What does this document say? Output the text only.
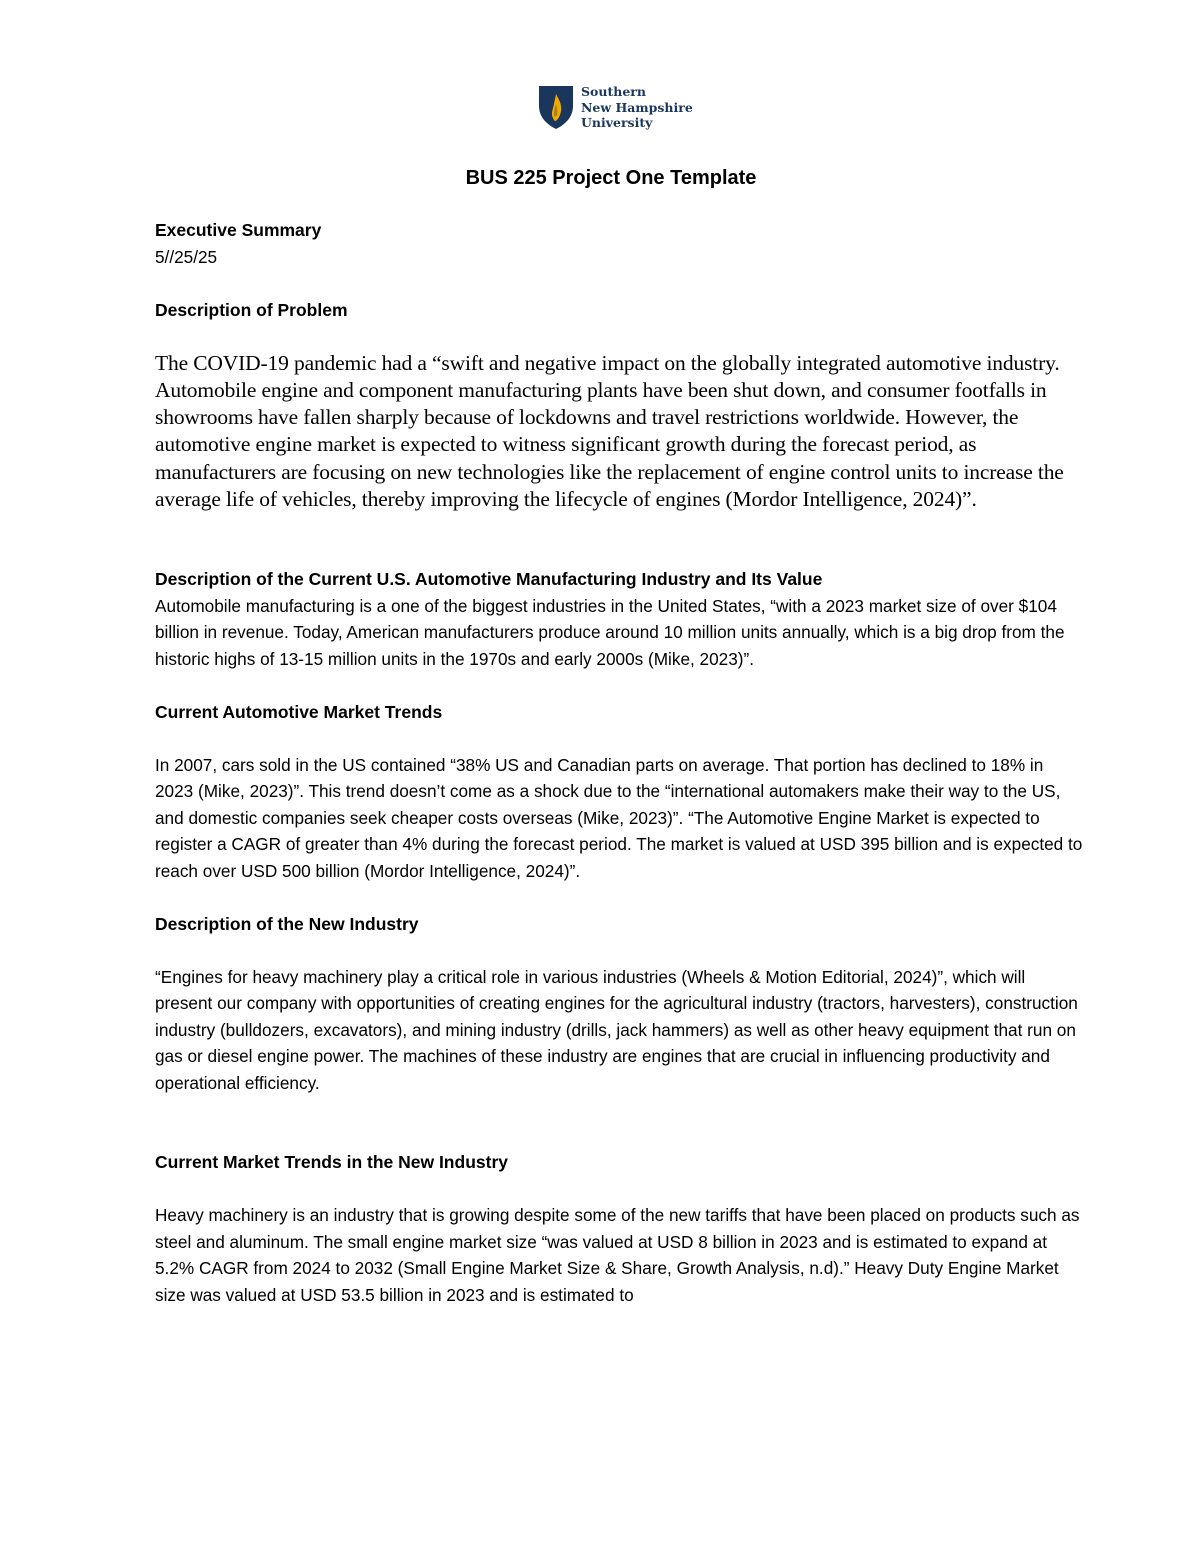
Southern
New Hampshire
University
BUS 225 Project One Template
Executive Summary

5//25/25

Description of Problem

The COVID-19 pandemic had a “swift and negative impact on the globally integrated automotive industry. Automobile engine and component manufacturing plants have been shut down, and consumer footfalls in showrooms have fallen sharply because of lockdowns and travel restrictions worldwide. However, the automotive engine market is expected to witness significant growth during the forecast period, as manufacturers are focusing on new technologies like the replacement of engine control units to increase the average life of vehicles, thereby improving the lifecycle of engines (Mordor Intelligence, 2024)”.

Description of the Current U.S. Automotive Manufacturing Industry and Its Value

Automobile manufacturing is a one of the biggest industries in the United States, “with a 2023 market size of over $104 billion in revenue. Today, American manufacturers produce around 10 million units annually, which is a big drop from the historic highs of 13-15 million units in the 1970s and early 2000s (Mike, 2023)”.

Current Automotive Market Trends

In 2007, cars sold in the US contained “38% US and Canadian parts on average. That portion has declined to 18% in 2023 (Mike, 2023)”. This trend doesn’t come as a shock due to the “international automakers make their way to the US, and domestic companies seek cheaper costs overseas (Mike, 2023)”. “The Automotive Engine Market is expected to register a CAGR of greater than 4% during the forecast period. The market is valued at USD 395 billion and is expected to reach over USD 500 billion (Mordor Intelligence, 2024)”.

Description of the New Industry

“Engines for heavy machinery play a critical role in various industries (Wheels & Motion Editorial, 2024)”, which will present our company with opportunities of creating engines for the agricultural industry (tractors, harvesters), construction industry (bulldozers, excavators), and mining industry (drills, jack hammers) as well as other heavy equipment that run on gas or diesel engine power. The machines of these industry are engines that are crucial in influencing productivity and operational efficiency.

Current Market Trends in the New Industry

Heavy machinery is an industry that is growing despite some of the new tariffs that have been placed on products such as steel and aluminum. The small engine market size “was valued at USD 8 billion in 2023 and is estimated to expand at 5.2% CAGR from 2024 to 2032 (Small Engine Market Size & Share, Growth Analysis, n.d).” Heavy Duty Engine Market size was valued at USD 53.5 billion in 2023 and is estimated to
